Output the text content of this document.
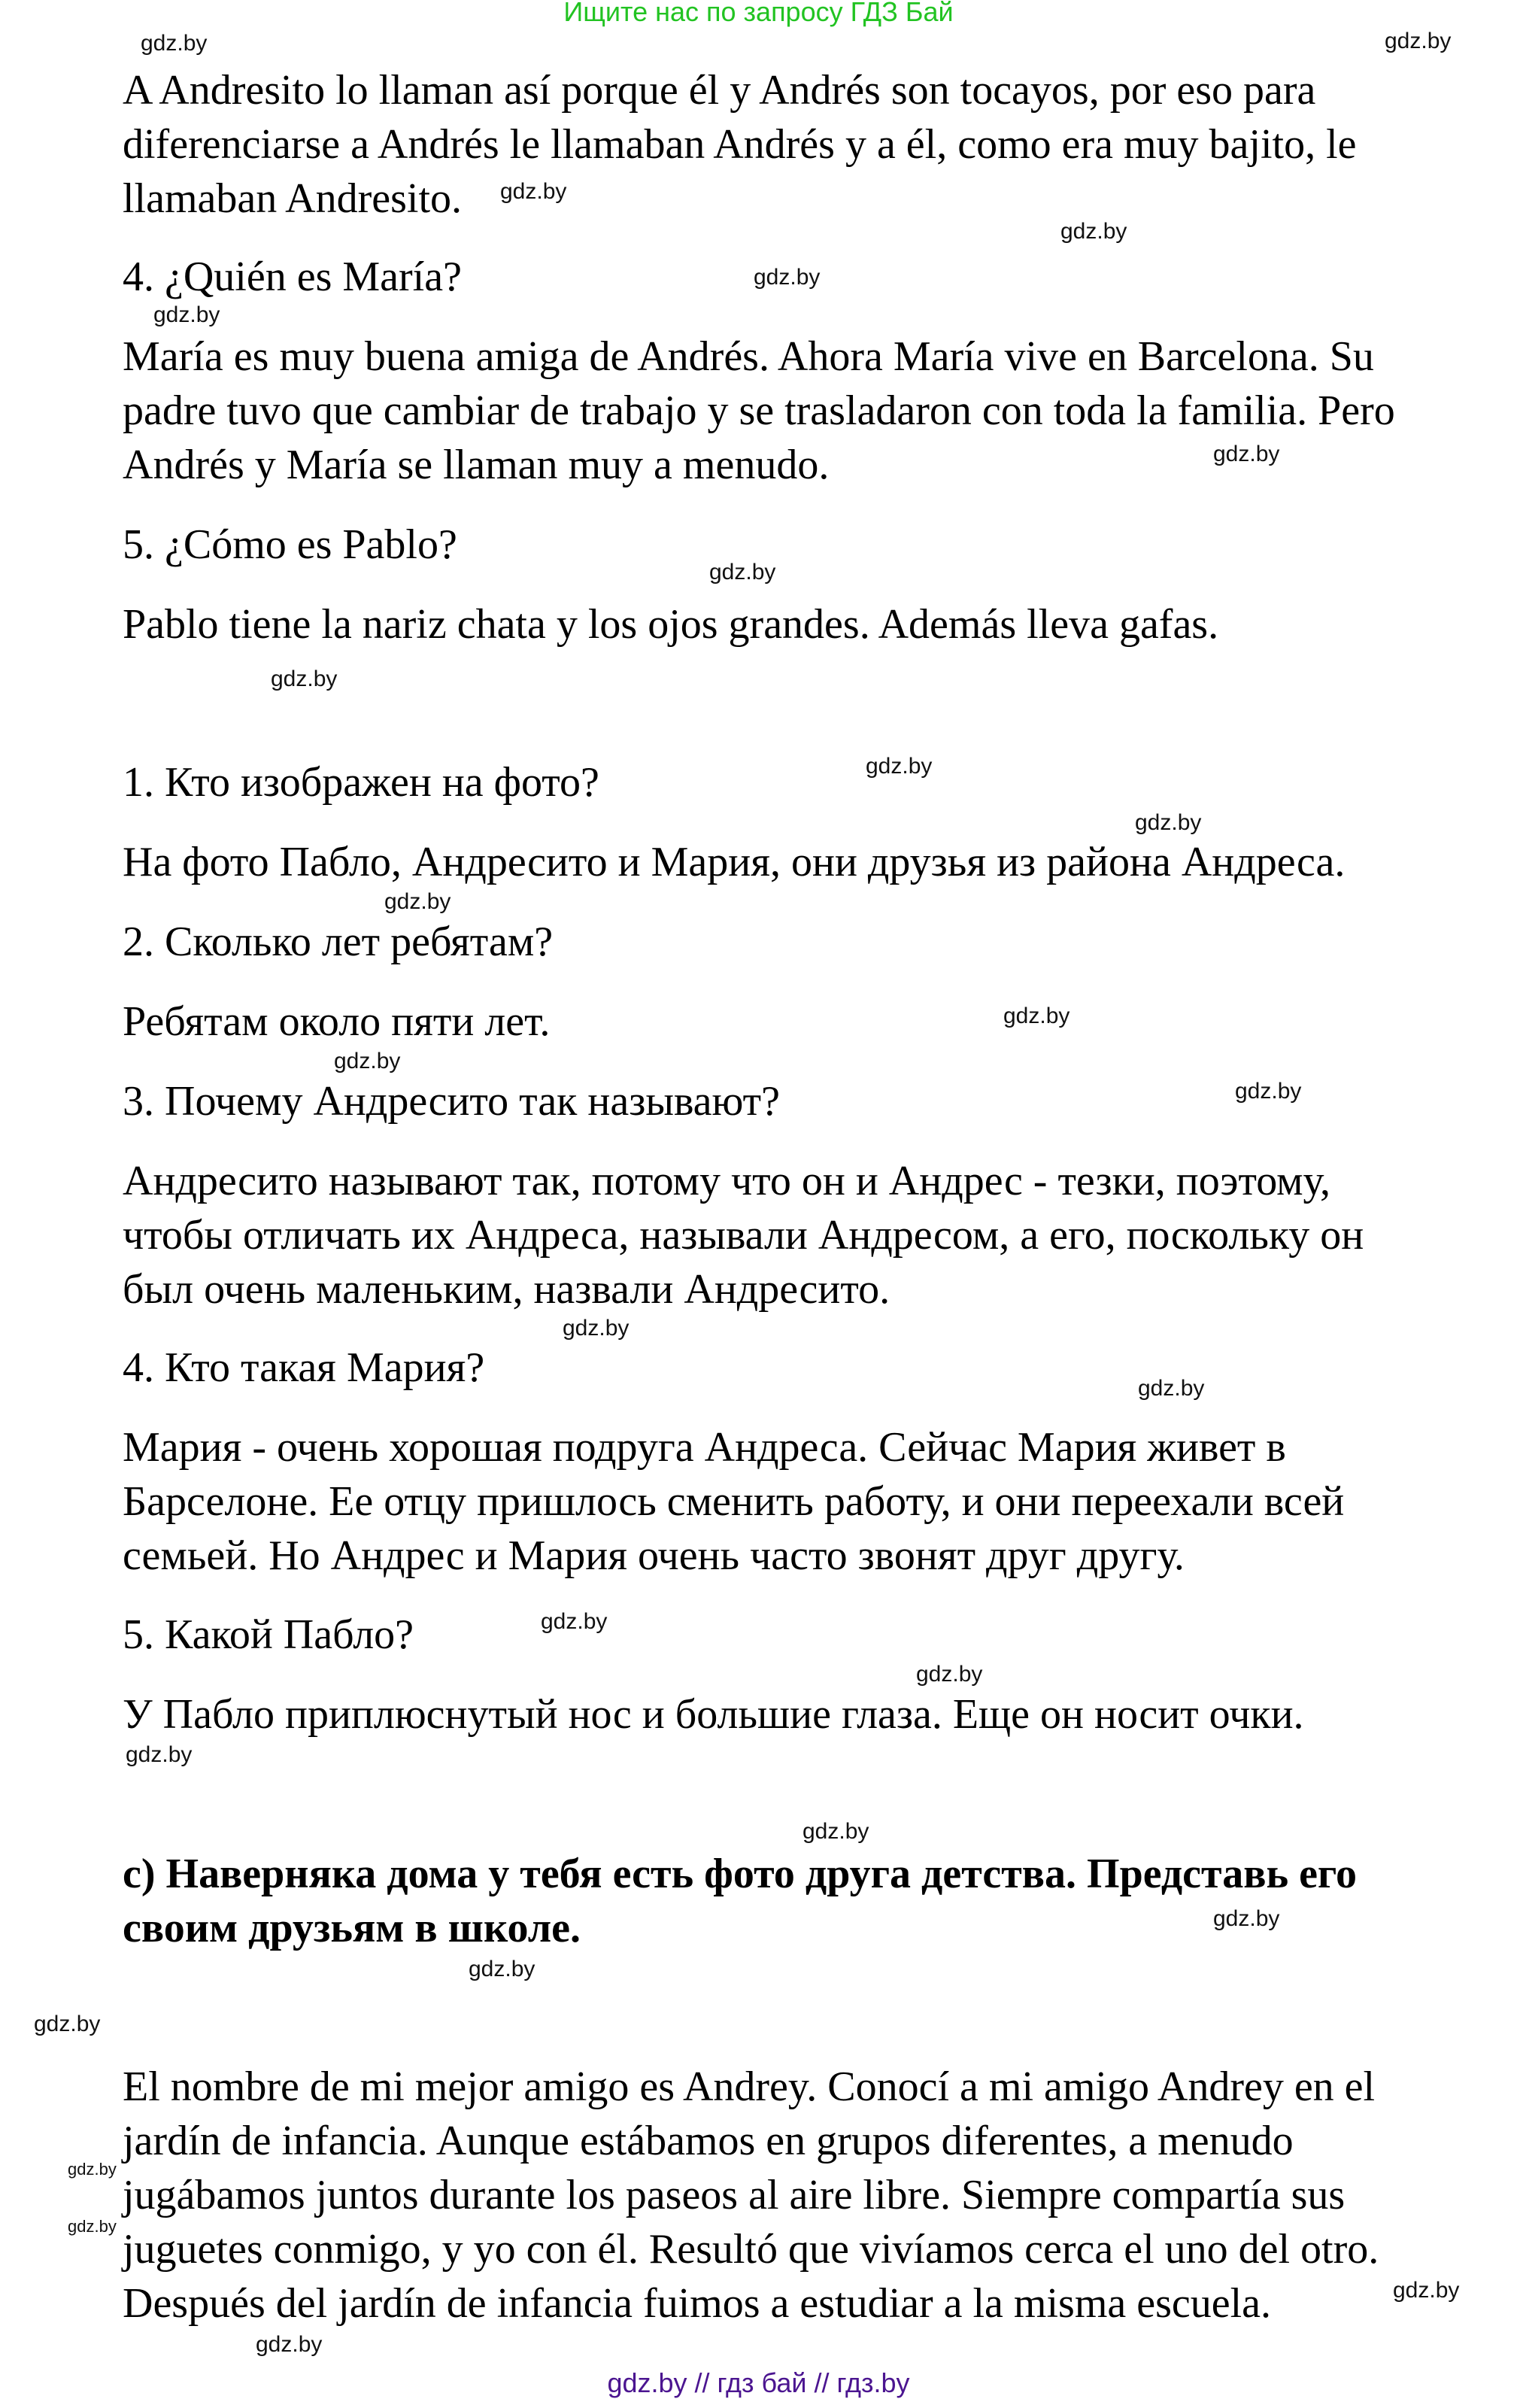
Ищите нас по запросу ГДЗ Бай
A Andresito lo llaman así porque él y Andrés son tocayos, por eso para
diferenciarse a Andrés le llamaban Andrés y a él, como era muy bajito, le
llamaban Andresito.
4. ¿Quién es María?
María es muy buena amiga de Andrés. Ahora María vive en Barcelona. Su
padre tuvo que cambiar de trabajo y se trasladaron con toda la familia. Pero
Andrés y María se llaman muy a menudo.
5. ¿Cómo es Pablo?
Pablo tiene la nariz chata y los ojos grandes. Además lleva gafas.
1. Кто изображен на фото?
На фото Пабло, Андресито и Мария, они друзья из района Андреса.
2. Сколько лет ребятам?
Ребятам около пяти лет.
3. Почему Андресито так называют?
Андресито называют так, потому что он и Андрес - тезки, поэтому,
чтобы отличать их Андреса, называли Андресом, а его, поскольку он
был очень маленьким, назвали Андресито.
4. Кто такая Мария?
Мария - очень хорошая подруга Андреса. Сейчас Мария живет в
Барселоне. Ее отцу пришлось сменить работу, и они переехали всей
семьей. Но Андрес и Мария очень часто звонят друг другу.
5. Какой Пабло?
У Пабло приплюснутый нос и большие глаза. Еще он носит очки.
c) Наверняка дома у тебя есть фото друга детства. Представь его
своим друзьям в школе.
El nombre de mi mejor amigo es Andrey. Conocí a mi amigo Andrey en el
jardín de infancia. Aunque estábamos en grupos diferentes, a menudo
jugábamos juntos durante los paseos al aire libre. Siempre compartía sus
juguetes conmigo, y yo con él. Resultó que vivíamos cerca el uno del otro.
Después del jardín de infancia fuimos a estudiar a la misma escuela.
gdz.by	gdz.by
gdz.by
gdz.by
gdz.by
gdz.by
gdz.by
gdz.by
gdz.by
gdz.by
gdz.by
gdz.by
gdz.by
gdz.by
gdz.by
gdz.by
gdz.by
gdz.by
gdz.by
gdz.by
gdz.by
gdz.by
gdz.by
gdz.by
gdz.by
gdz.by
gdz.by
gdz.by
gdz.by // гдз бай // гдз.by
